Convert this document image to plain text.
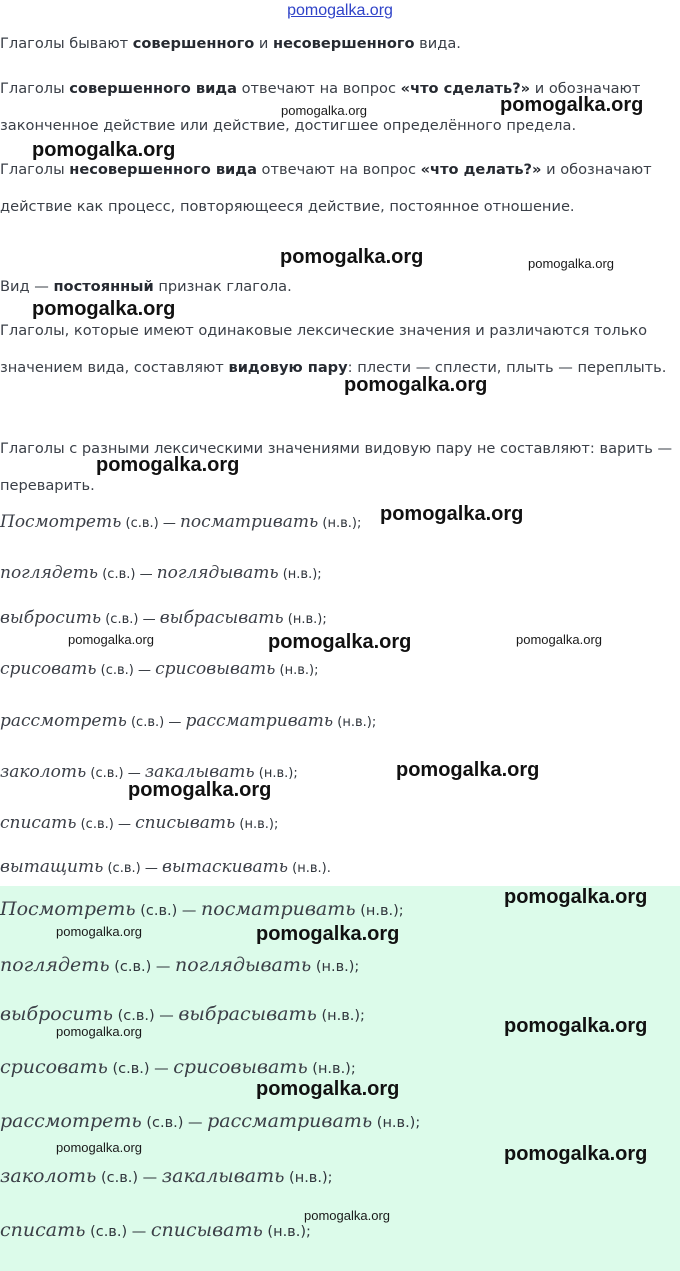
pomogalka.org

Глаголы бывают совершенного и несовершенного вида.

Глаголы совершенного вида отвечают на вопрос «что сделать?» и обозначают законченное действие или действие, достигшее определённого предела.

Глаголы несовершенного вида отвечают на вопрос «что делать?» и обозначают действие как процесс, повторяющееся действие, постоянное отношение.

Вид — постоянный признак глагола.

Глаголы, которые имеют одинаковые лексические значения и различаются только значением вида, составляют видовую пару: плести — сплести, плыть — переплыть.

Глаголы с разными лексическими значениями видовую пару не составляют: варить — переварить.

Посмотреть (с.в.) — посматривать (н.в.);
поглядеть (с.в.) — поглядывать (н.в.);
выбросить (с.в.) — выбрасывать (н.в.);
срисовать (с.в.) — срисовывать (н.в.);
рассмотреть (с.в.) — рассматривать (н.в.);
заколоть (с.в.) — закалывать (н.в.);
списать (с.в.) — списывать (н.в.);
вытащить (с.в.) — вытаскивать (н.в.).
Посмотреть (с.в.) — посматривать (н.в.);
поглядеть (с.в.) — поглядывать (н.в.);
выбросить (с.в.) — выбрасывать (н.в.);
срисовать (с.в.) — срисовывать (н.в.);
рассмотреть (с.в.) — рассматривать (н.в.);
заколоть (с.в.) — закалывать (н.в.);
списать (с.в.) — списывать (н.в.);
pomogalka.org
pomogalka.org
pomogalka.org
pomogalka.org	pomogalka.org
pomogalka.org
pomogalka.org
pomogalka.org
pomogalka.org
pomogalka.org	pomogalka.org	pomogalka.org
pomogalka.org
pomogalka.org
pomogalka.org
pomogalka.org	pomogalka.org
pomogalka.org
pomogalka.org
pomogalka.org
pomogalka.org	pomogalka.org
pomogalka.org
